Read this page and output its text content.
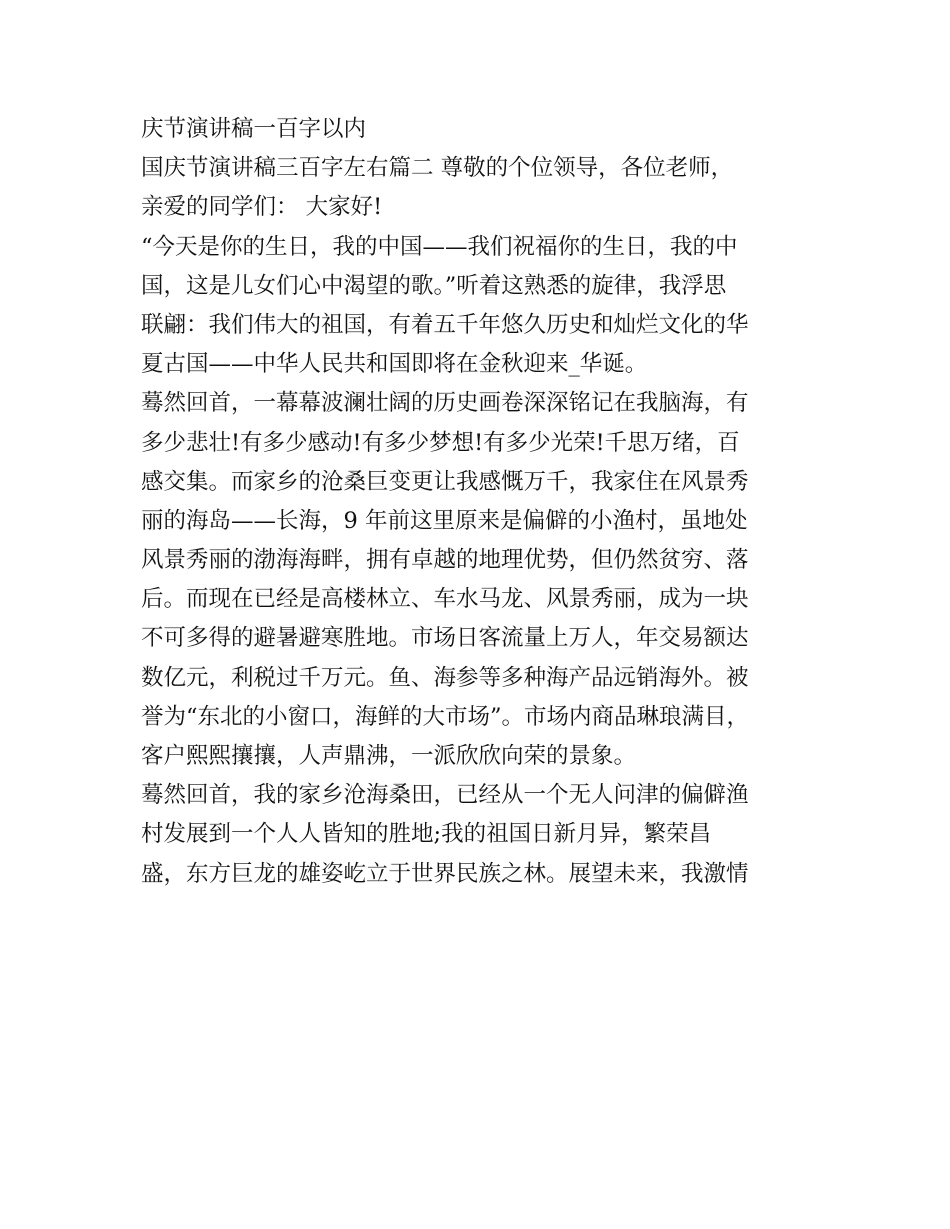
庆节演讲稿一百字以内
国庆节演讲稿三百字左右篇二 尊敬的个位领导，各位老师，
亲爱的同学们： 大家好!
“今天是你的生日，我的中国——我们祝福你的生日，我的中
国，这是儿女们心中渴望的歌。”听着这熟悉的旋律，我浮思
联翩：我们伟大的祖国，有着五千年悠久历史和灿烂文化的华
夏古国——中华人民共和国即将在金秋迎来_华诞。
蓦然回首，一幕幕波澜壮阔的历史画卷深深铭记在我脑海，有
多少悲壮!有多少感动!有多少梦想!有多少光荣!千思万绪，百
感交集。而家乡的沧桑巨变更让我感慨万千，我家住在风景秀
丽的海岛——长海，9 年前这里原来是偏僻的小渔村，虽地处
风景秀丽的渤海海畔，拥有卓越的地理优势，但仍然贫穷、落
后。而现在已经是高楼林立、车水马龙、风景秀丽，成为一块
不可多得的避暑避寒胜地。市场日客流量上万人，年交易额达
数亿元，利税过千万元。鱼、海参等多种海产品远销海外。被
誉为“东北的小窗口，海鲜的大市场”。市场内商品琳琅满目，
客户熙熙攘攘，人声鼎沸，一派欣欣向荣的景象。
蓦然回首，我的家乡沧海桑田，已经从一个无人问津的偏僻渔
村发展到一个人人皆知的胜地;我的祖国日新月异，繁荣昌
盛，东方巨龙的雄姿屹立于世界民族之林。展望未来，我激情
